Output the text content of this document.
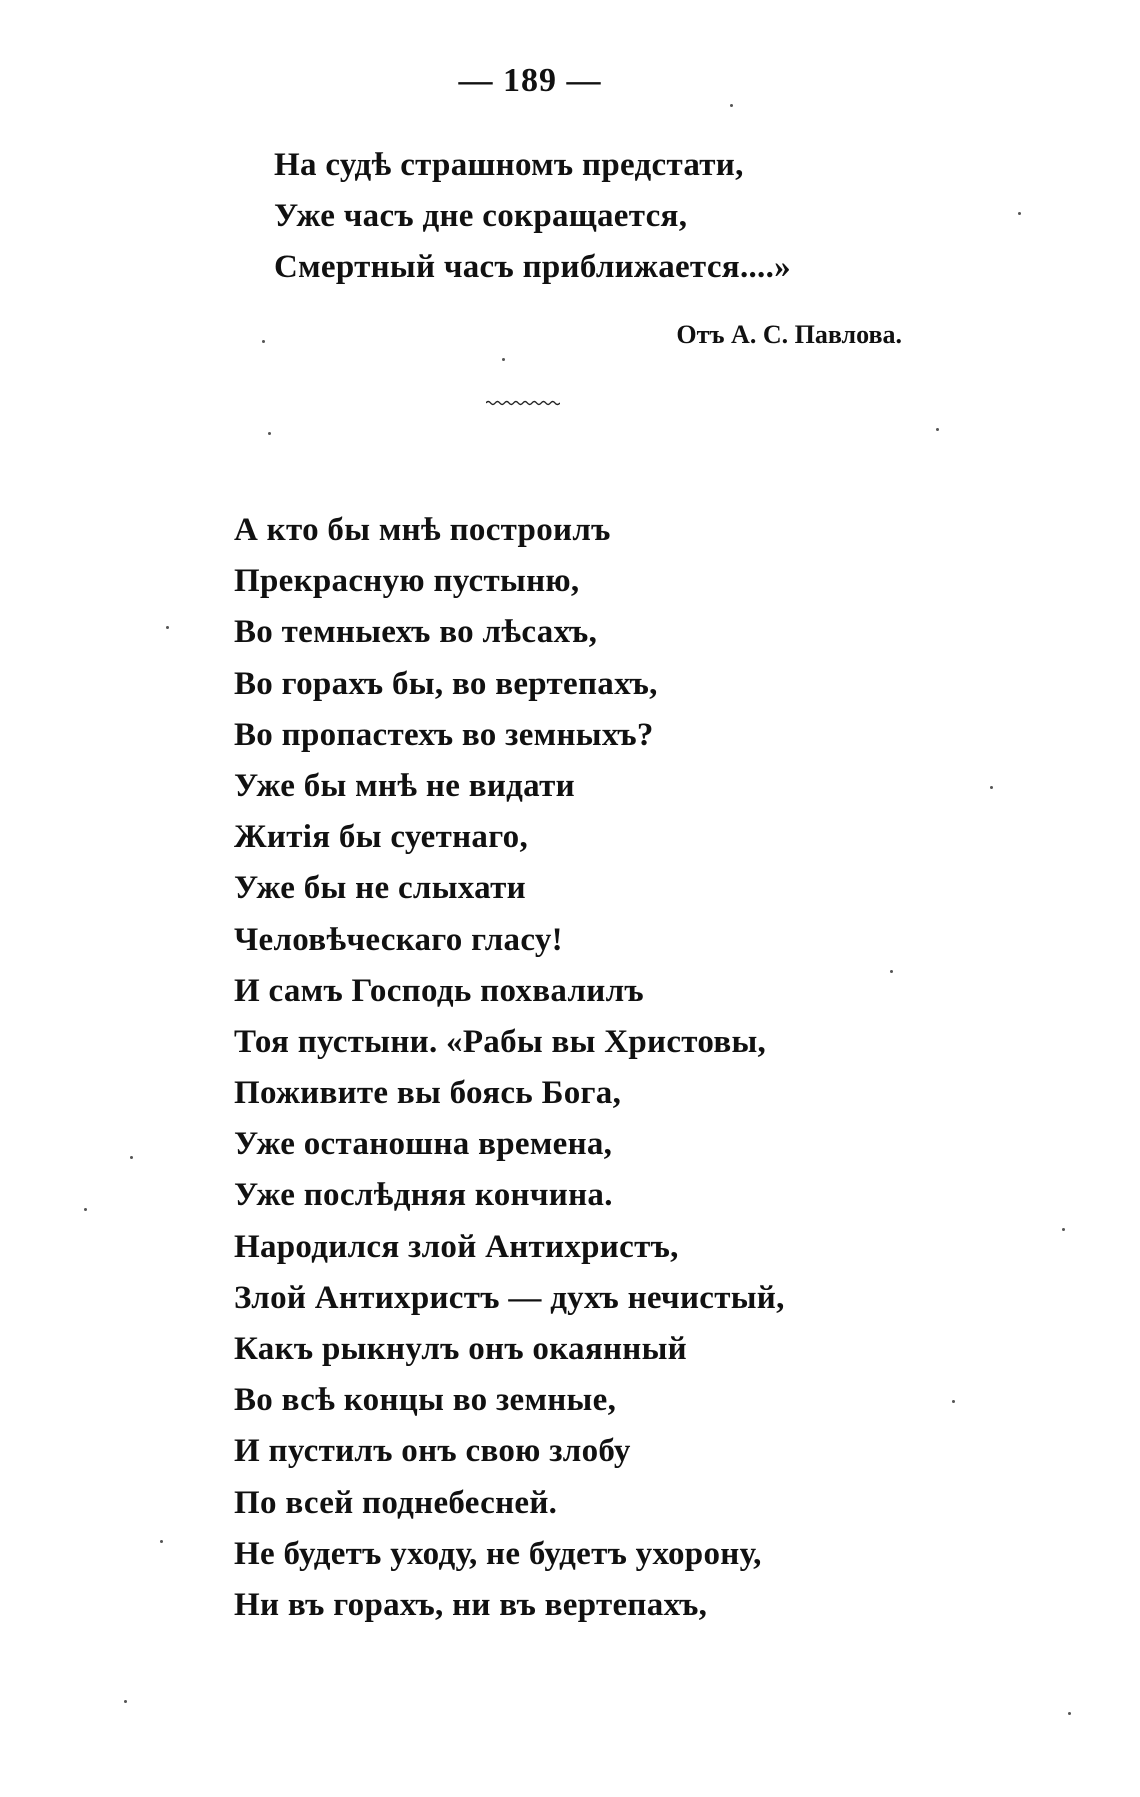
— 189 —
На судѣ страшномъ предстати,
Уже часъ дне сокращается,
Смертный часъ приближается....»
Отъ А. С. Павлова.
А кто бы мнѣ построилъ
Прекрасную пустыню,
Во темныехъ во лѣсахъ,
Во горахъ бы, во вертепахъ,
Во пропастехъ во земныхъ?
Уже бы мнѣ не видати
Житія бы суетнаго,
Уже бы не слыхати
Человѣческаго гласу!
И самъ Господь похвалилъ
Тоя пустыни. «Рабы вы Христовы,
Поживите вы боясь Бога,
Уже останошна времена,
Уже послѣдняя кончина.
Народился злой Антихристъ,
Злой Антихристъ — духъ нечистый,
Какъ рыкнулъ онъ окаянный
Во всѣ концы во земные,
И пустилъ онъ свою злобу
По всей поднебесней.
Не будетъ уходу, не будетъ ухорону,
Ни въ горахъ, ни въ вертепахъ,
